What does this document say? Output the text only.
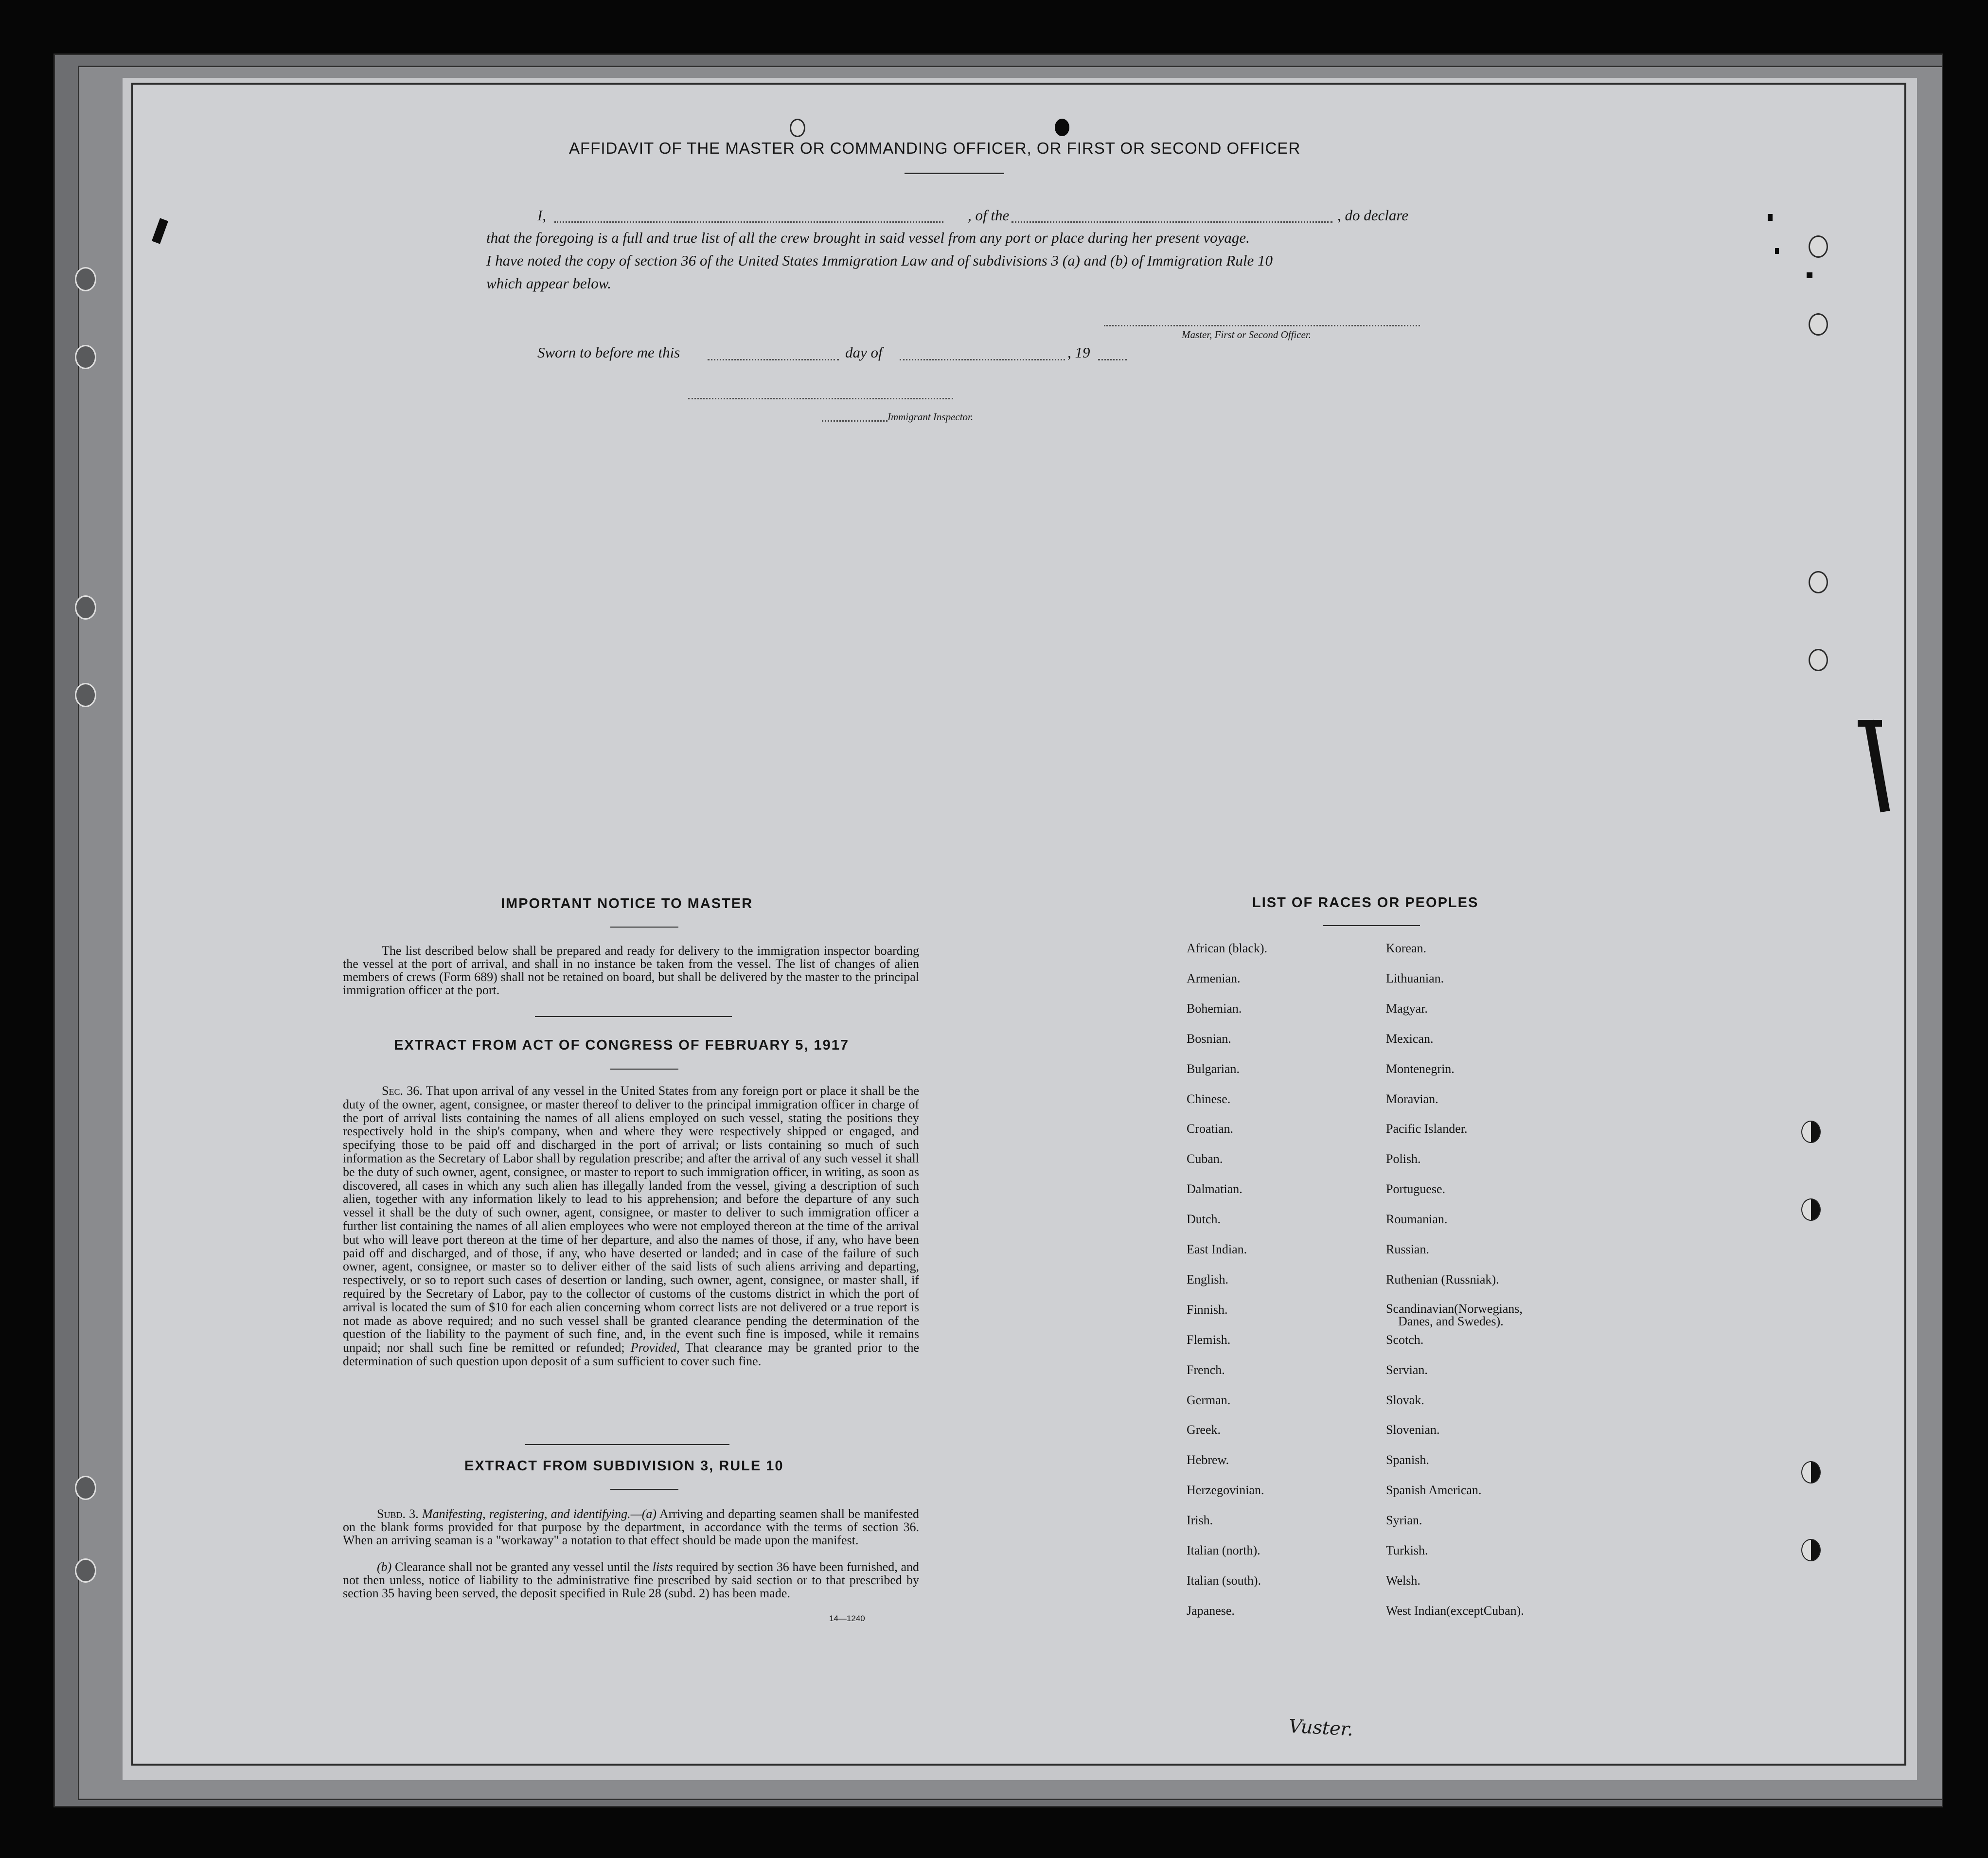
AFFIDAVIT OF THE MASTER OR COMMANDING OFFICER, OR FIRST OR SECOND OFFICER
I,	, of the	, do declare
that the foregoing is a full and true list of all the crew brought in said vessel from any port or place during her present voyage.
I have noted the copy of section 36 of the United States Immigration Law and of subdivisions 3 (a) and (b) of Immigration Rule 10
which appear below.
Master, First or Second Officer.
Sworn to before me this	day of	, 19
Immigrant Inspector.
IMPORTANT NOTICE TO MASTER
The list described below shall be prepared and ready for delivery to the immigration inspector boarding the vessel at the port of arrival, and shall in no instance be taken from the vessel. The list of changes of alien members of crews (Form 689) shall not be retained on board, but shall be delivered by the master to the principal immigration officer at the port.
EXTRACT FROM ACT OF CONGRESS OF FEBRUARY 5, 1917
Sec. 36. That upon arrival of any vessel in the United States from any foreign port or place it shall be the duty of the owner, agent, consignee, or master thereof to deliver to the principal immigration officer in charge of the port of arrival lists containing the names of all aliens employed on such vessel, stating the positions they respectively hold in the ship's company, when and where they were respectively shipped or engaged, and specifying those to be paid off and discharged in the port of arrival; or lists containing so much of such information as the Secretary of Labor shall by regulation prescribe; and after the arrival of any such vessel it shall be the duty of such owner, agent, consignee, or master to report to such immigration officer, in writing, as soon as discovered, all cases in which any such alien has illegally landed from the vessel, giving a description of such alien, together with any information likely to lead to his apprehension; and before the departure of any such vessel it shall be the duty of such owner, agent, consignee, or master to deliver to such immigration officer a further list containing the names of all alien employees who were not employed thereon at the time of the arrival but who will leave port thereon at the time of her departure, and also the names of those, if any, who have been paid off and discharged, and of those, if any, who have deserted or landed; and in case of the failure of such owner, agent, consignee, or master so to deliver either of the said lists of such aliens arriving and departing, respectively, or so to report such cases of desertion or landing, such owner, agent, consignee, or master shall, if required by the Secretary of Labor, pay to the collector of customs of the customs district in which the port of arrival is located the sum of $10 for each alien concerning whom correct lists are not delivered or a true report is not made as above required; and no such vessel shall be granted clearance pending the determination of the question of the liability to the payment of such fine, and, in the event such fine is imposed, while it remains unpaid; nor shall such fine be remitted or refunded; Provided, That clearance may be granted prior to the determination of such question upon deposit of a sum sufficient to cover such fine.
EXTRACT FROM SUBDIVISION 3, RULE 10
Subd. 3. Manifesting, registering, and identifying.—(a) Arriving and departing seamen shall be manifested on the blank forms provided for that purpose by the department, in accordance with the terms of section 36. When an arriving seaman is a "workaway" a notation to that effect should be made upon the manifest.
(b) Clearance shall not be granted any vessel until the lists required by section 36 have been furnished, and not then unless, notice of liability to the administrative fine prescribed by said section or to that prescribed by section 35 having been served, the deposit specified in Rule 28 (subd. 2) has been made.
14—1240
LIST OF RACES OR PEOPLES
African (black).
Armenian.
Bohemian.
Bosnian.
Bulgarian.
Chinese.
Croatian.
Cuban.
Dalmatian.
Dutch.
East Indian.
English.
Finnish.
Flemish.
French.
German.
Greek.
Hebrew.
Herzegovinian.
Irish.
Italian (north).
Italian (south).
Japanese.
Korean.
Lithuanian.
Magyar.
Mexican.
Montenegrin.
Moravian.
Pacific Islander.
Polish.
Portuguese.
Roumanian.
Russian.
Ruthenian (Russniak).
Scandinavian(Norwegians,
Danes, and Swedes).
Scotch.
Servian.
Slovak.
Slovenian.
Spanish.
Spanish American.
Syrian.
Turkish.
Welsh.
West Indian(exceptCuban).
Vuster.
